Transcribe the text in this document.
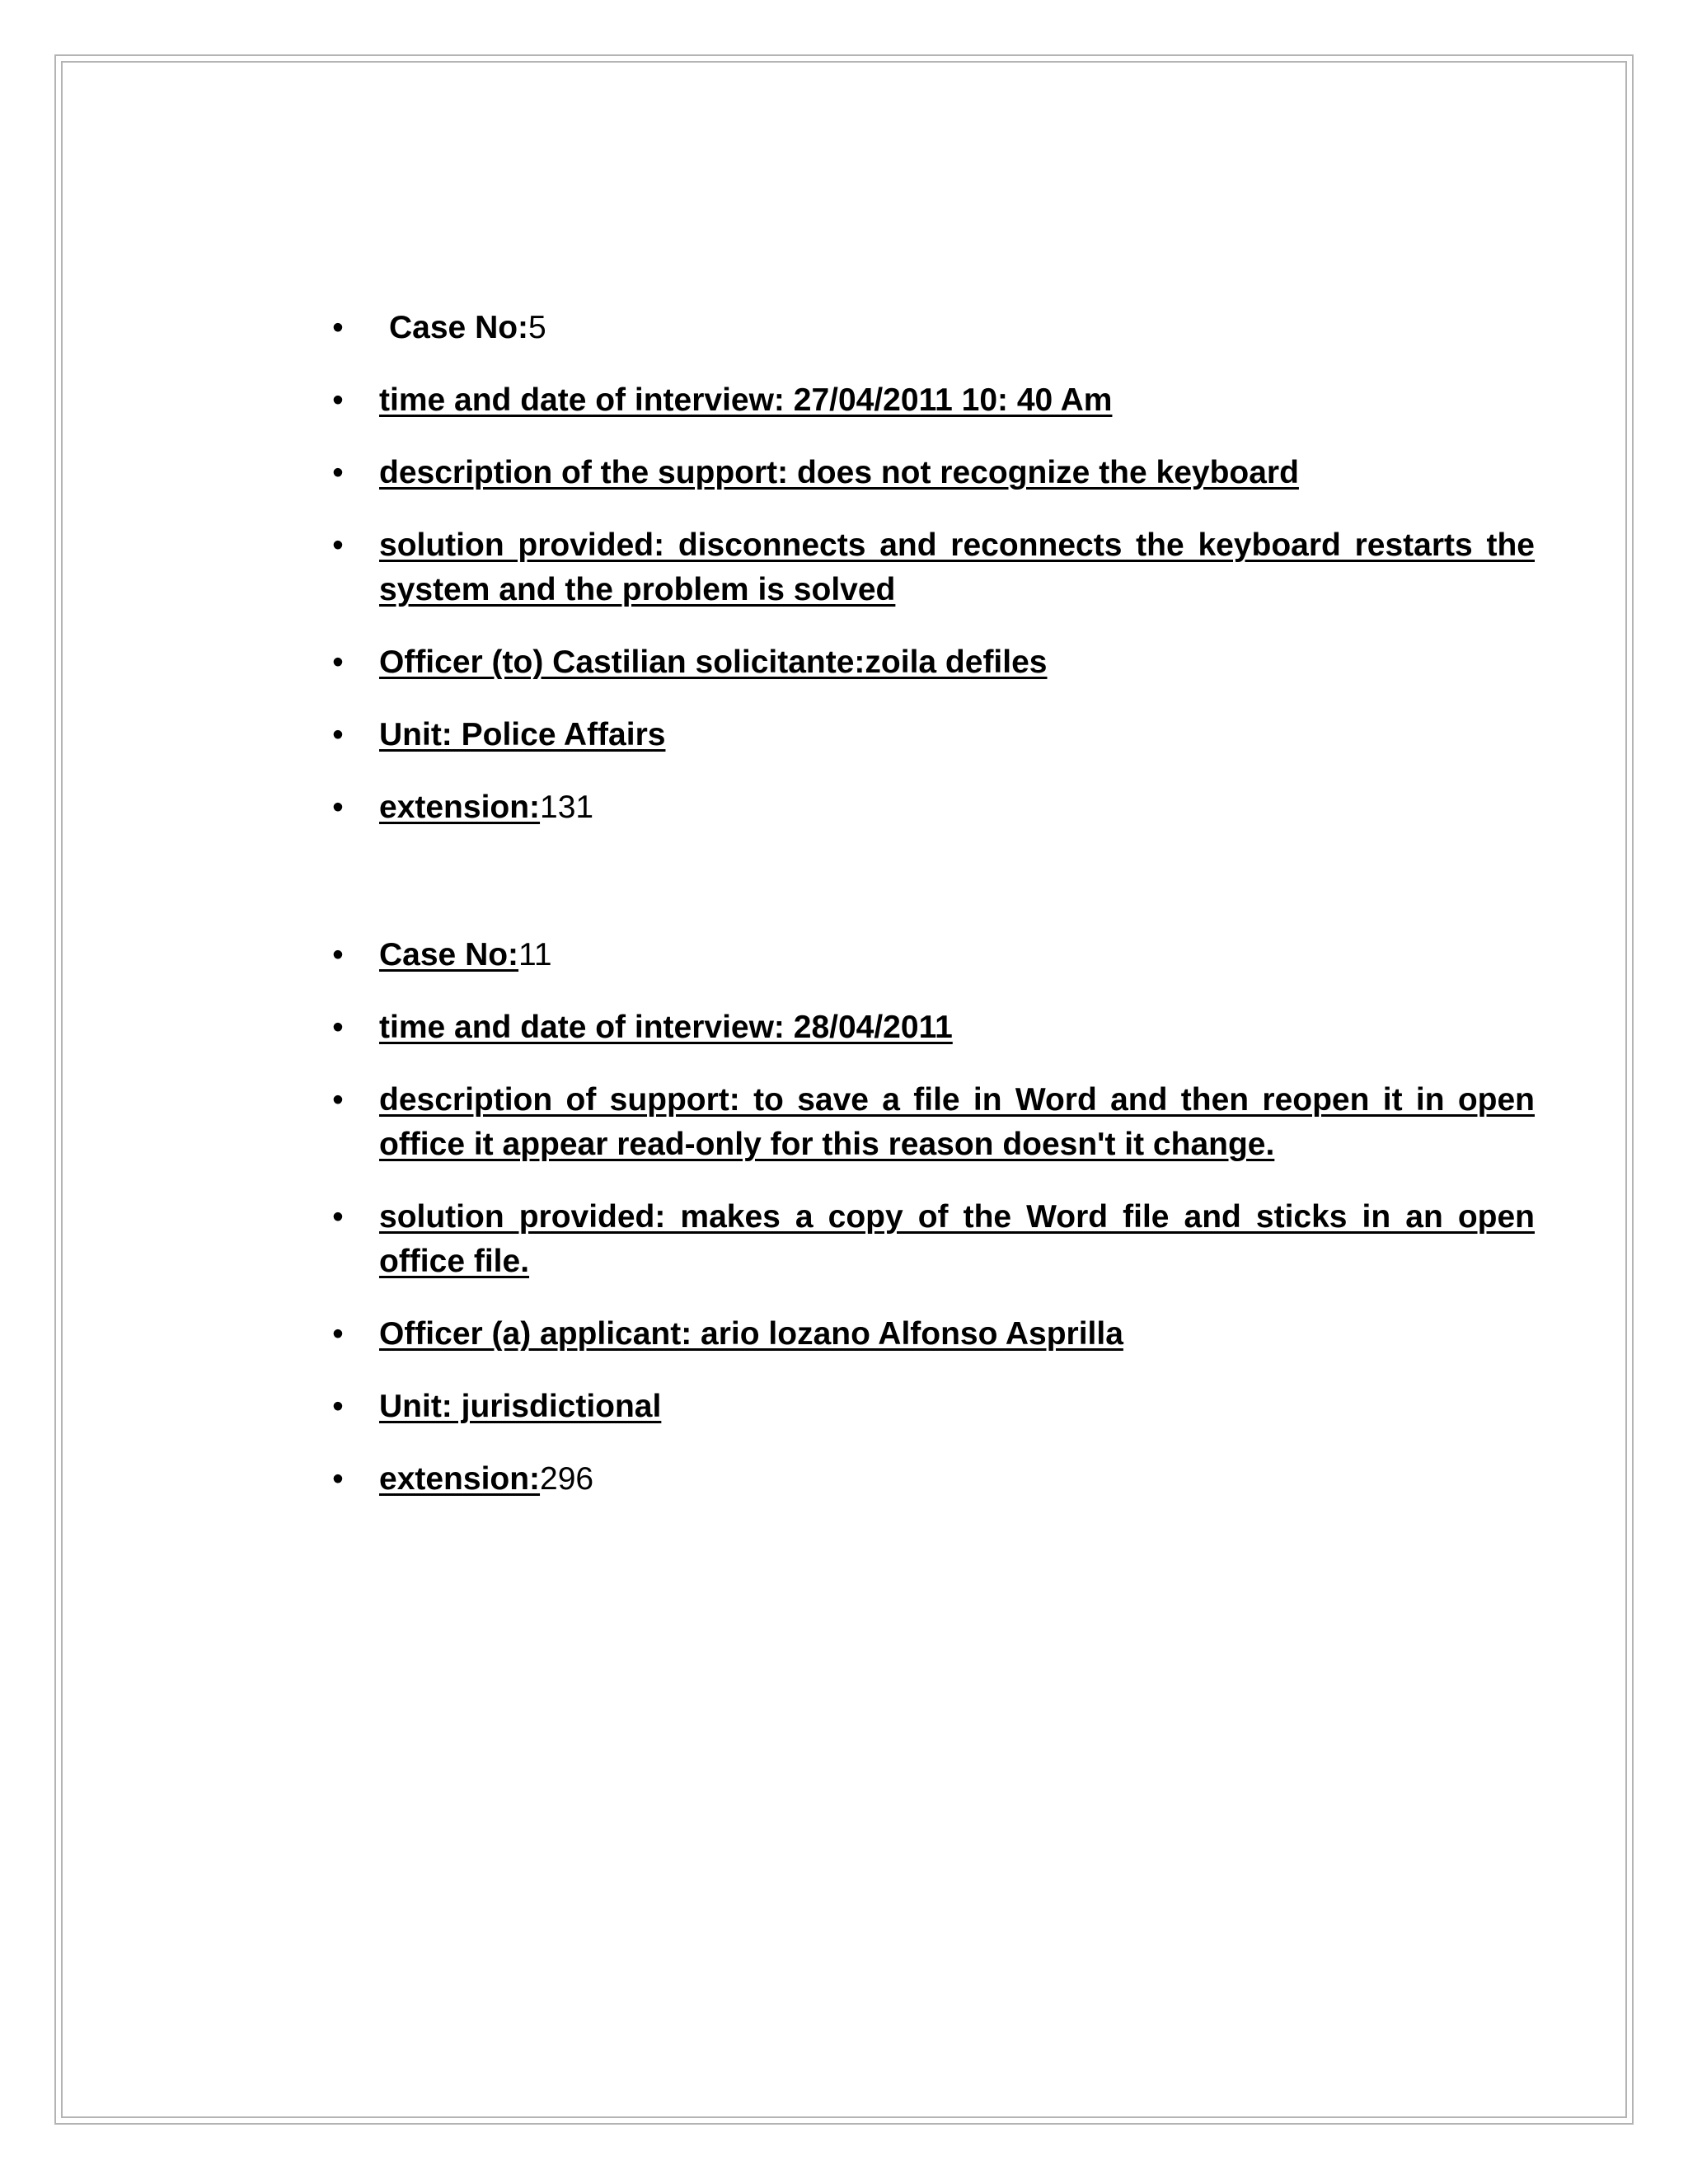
• Case No:5
• time and date of interview: 27/04/2011 10: 40 Am
• description of the support: does not recognize the keyboard
• solution provided: disconnects and reconnects the keyboard restarts the system and the problem is solved
• Officer (to) Castilian solicitante:zoila defiles
• Unit: Police Affairs
• extension:131
• Case No:11
• time and date of interview: 28/04/2011
• description of support: to save a file in Word and then reopen it in open office it appear read-only for this reason doesn't it change.
• solution provided: makes a copy of the Word file and sticks in an open office file.
• Officer (a) applicant: ario lozano Alfonso Asprilla
• Unit: jurisdictional
• extension:296
